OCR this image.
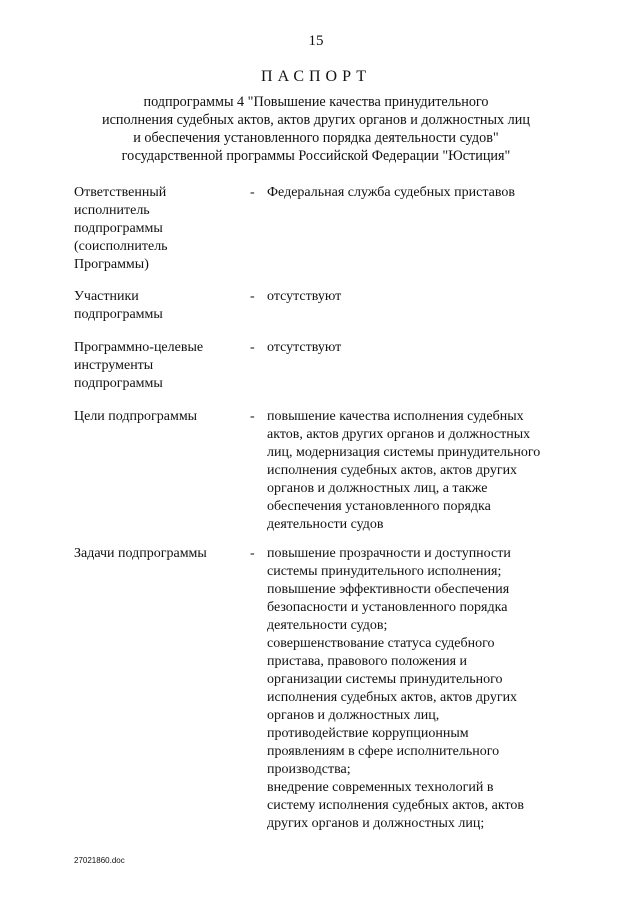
15
ПАСПОРТ
подпрограммы 4 "Повышение качества принудительного
исполнения судебных актов, актов других органов и должностных лиц
и обеспечения установленного порядка деятельности судов"
государственной программы Российской Федерации "Юстиция"
Ответственный
исполнитель
подпрограммы
(соисполнитель
Программы)
- Федеральная служба судебных приставов
Участники
подпрограммы
- отсутствуют
Программно-целевые
инструменты
подпрограммы
- отсутствуют
Цели подпрограммы	- повышение качества исполнения судебных
актов, актов других органов и должностных
лиц, модернизация системы принудительного
исполнения судебных актов, актов других
органов и должностных лиц, а также
обеспечения установленного порядка
деятельности судов
Задачи подпрограммы	- повышение прозрачности и доступности
системы принудительного исполнения;
повышение эффективности обеспечения
безопасности и установленного порядка
деятельности судов;
совершенствование статуса судебного
пристава, правового положения и
организации системы принудительного
исполнения судебных актов, актов других
органов и должностных лиц,
противодействие коррупционным
проявлениям в сфере исполнительного
производства;
внедрение современных технологий в
систему исполнения судебных актов, актов
других органов и должностных лиц;
27021860.doc
